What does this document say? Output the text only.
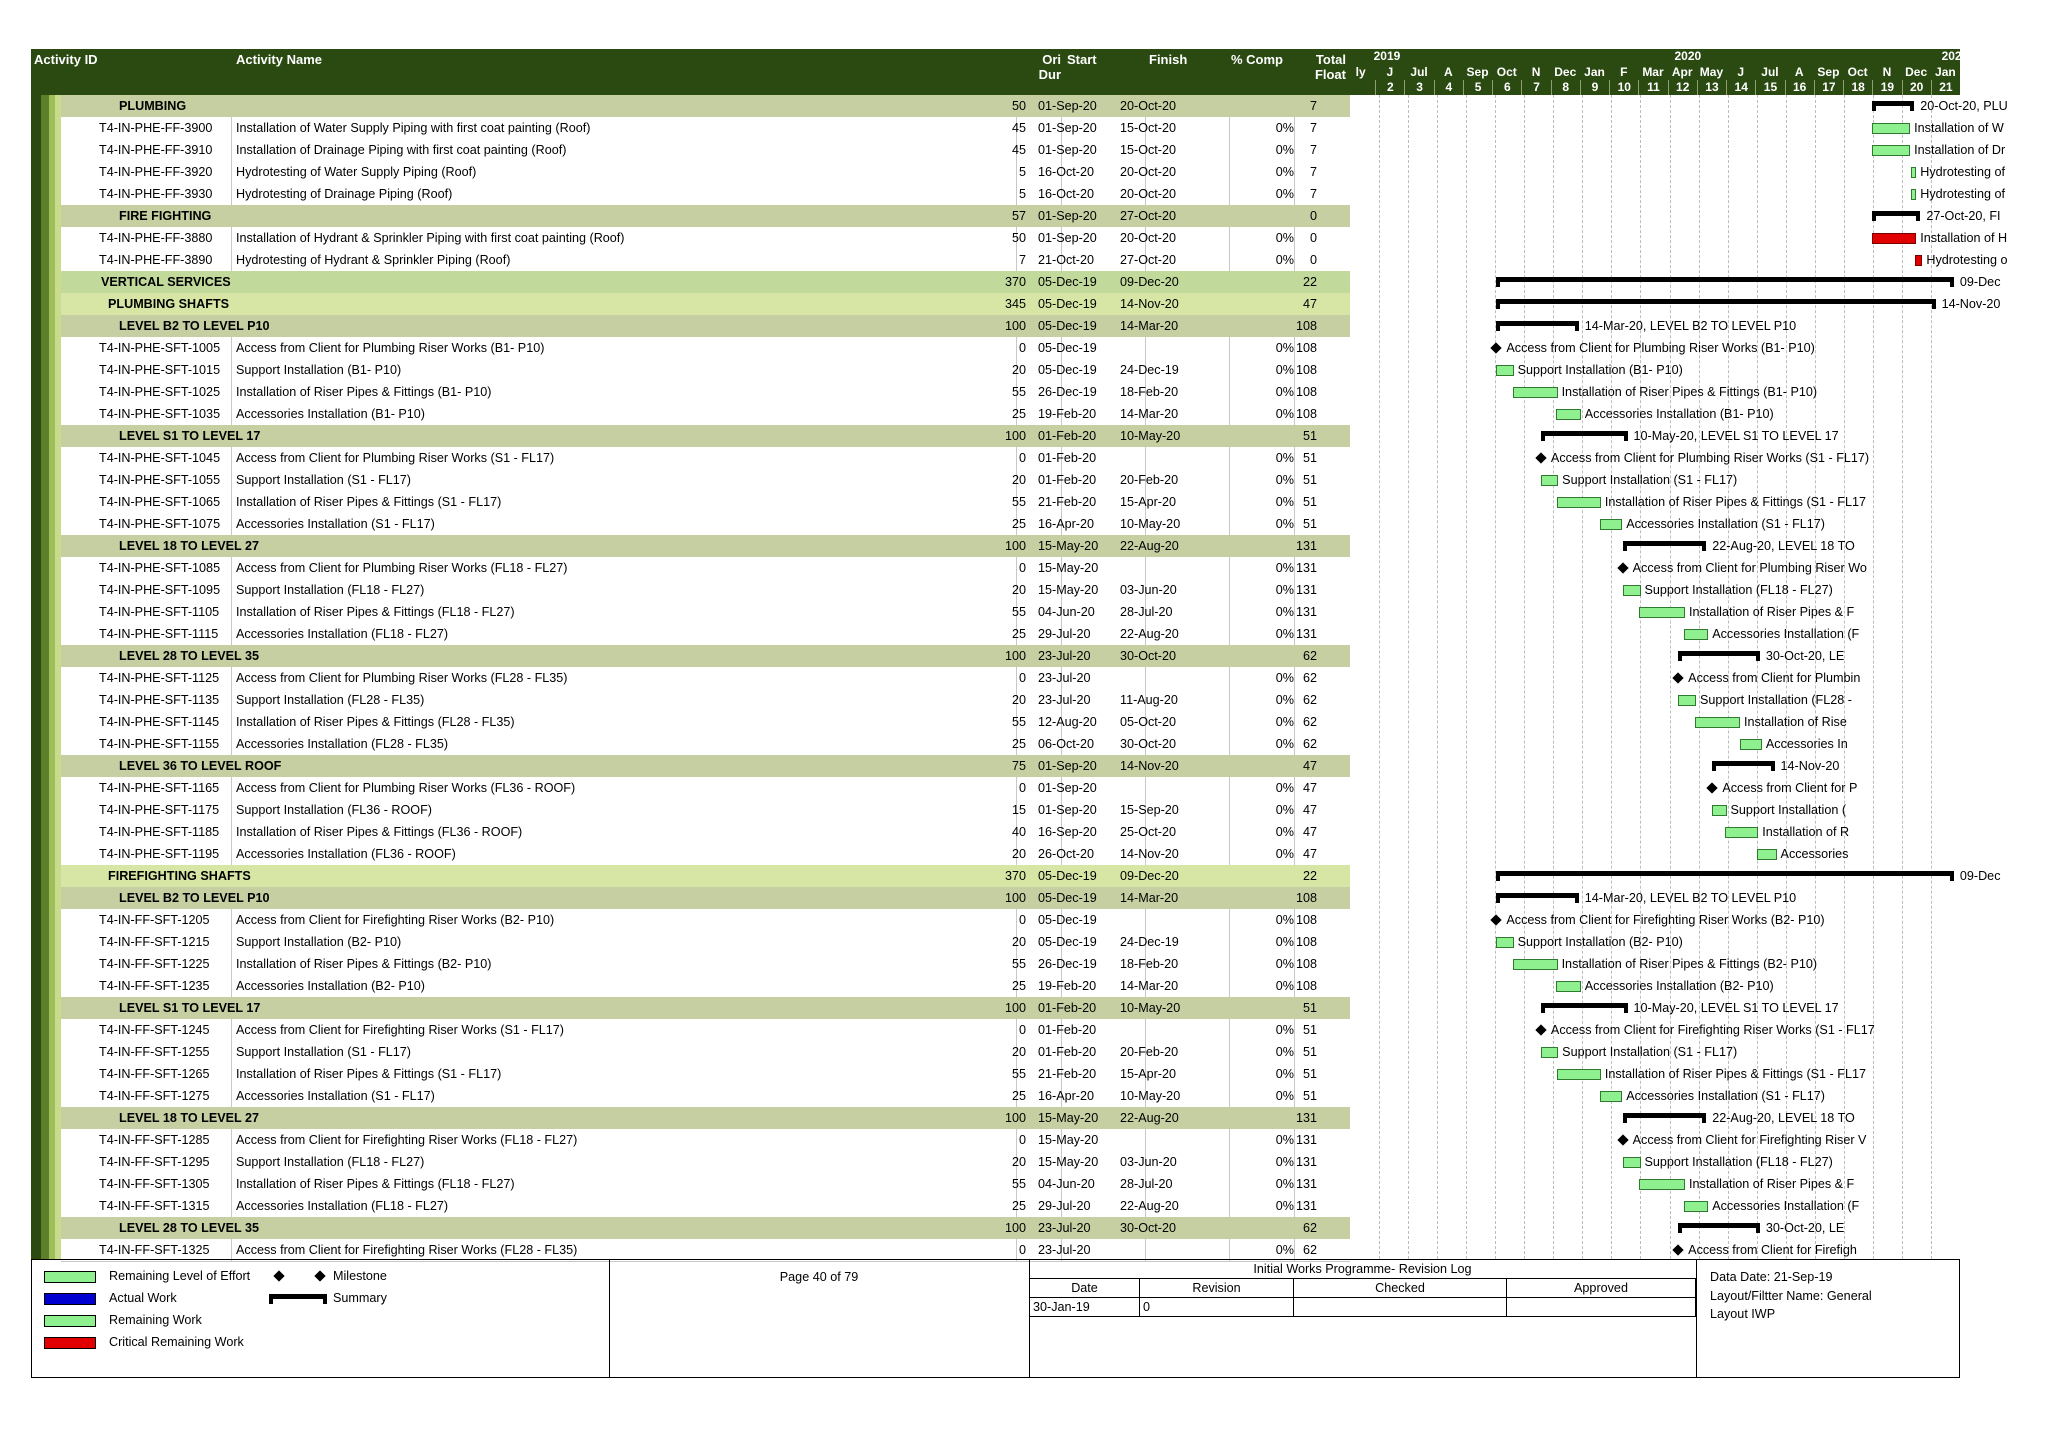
Activity ID	Activity Name	Ori
Dur
Start	Finish	% Comp	Total
Float
2019	2020	2021
ly	J	Jul	A	Sep Oct	N	Dec Jan	F	Mar Apr May	J	Jul	A	Sep Oct	N	Dec Jan
2	3	4	5	6	7	8	9	10	11	12	13	14	15	16	17	18	19	20	21
PLUMBING	50 01-Sep-20	20-Oct-20	7
T4-IN-PHE-FF-3900	Installation of Water Supply Piping with first coat painting (Roof)	45 01-Sep-20	15-Oct-20	0%	7
T4-IN-PHE-FF-3910	Installation of Drainage Piping with first coat painting (Roof)	45 01-Sep-20	15-Oct-20	0%	7
T4-IN-PHE-FF-3920	Hydrotesting of Water Supply Piping (Roof)	5 16-Oct-20	20-Oct-20	0%	7
T4-IN-PHE-FF-3930	Hydrotesting of Drainage Piping (Roof)	5 16-Oct-20	20-Oct-20	0%	7
FIRE FIGHTING	57 01-Sep-20	27-Oct-20	0
T4-IN-PHE-FF-3880	Installation of Hydrant & Sprinkler Piping with first coat painting (Roof)	50 01-Sep-20	20-Oct-20	0%	0
T4-IN-PHE-FF-3890	Hydrotesting of Hydrant & Sprinkler Piping (Roof)	7 21-Oct-20	27-Oct-20	0%	0
VERTICAL SERVICES	370 05-Dec-19	09-Dec-20	22
PLUMBING SHAFTS	345 05-Dec-19	14-Nov-20	47
LEVEL B2 TO LEVEL P10	100 05-Dec-19	14-Mar-20	108
T4-IN-PHE-SFT-1005	Access from Client for Plumbing Riser Works (B1- P10)	0 05-Dec-19	0% 108
T4-IN-PHE-SFT-1015	Support Installation (B1- P10)	20 05-Dec-19	24-Dec-19	0% 108
T4-IN-PHE-SFT-1025	Installation of Riser Pipes & Fittings (B1- P10)	55 26-Dec-19	18-Feb-20	0% 108
T4-IN-PHE-SFT-1035	Accessories Installation (B1- P10)	25 19-Feb-20	14-Mar-20	0% 108
LEVEL S1 TO LEVEL 17	100 01-Feb-20	10-May-20	51
T4-IN-PHE-SFT-1045	Access from Client for Plumbing Riser Works (S1 - FL17)	0 01-Feb-20	0% 51
T4-IN-PHE-SFT-1055	Support Installation (S1 - FL17)	20 01-Feb-20	20-Feb-20	0% 51
T4-IN-PHE-SFT-1065	Installation of Riser Pipes & Fittings (S1 - FL17)	55 21-Feb-20	15-Apr-20	0% 51
T4-IN-PHE-SFT-1075	Accessories Installation (S1 - FL17)	25 16-Apr-20	10-May-20	0% 51
LEVEL 18 TO LEVEL 27	100 15-May-20	22-Aug-20	131
T4-IN-PHE-SFT-1085	Access from Client for Plumbing Riser Works (FL18 - FL27)	0 15-May-20	0% 131
T4-IN-PHE-SFT-1095	Support Installation (FL18 - FL27)	20 15-May-20	03-Jun-20	0% 131
T4-IN-PHE-SFT-1105	Installation of Riser Pipes & Fittings (FL18 - FL27)	55 04-Jun-20	28-Jul-20	0% 131
T4-IN-PHE-SFT-1115	Accessories Installation (FL18 - FL27)	25 29-Jul-20	22-Aug-20	0% 131
LEVEL 28 TO LEVEL 35	100 23-Jul-20	30-Oct-20	62
T4-IN-PHE-SFT-1125	Access from Client for Plumbing Riser Works (FL28 - FL35)	0 23-Jul-20	0% 62
T4-IN-PHE-SFT-1135	Support Installation (FL28 - FL35)	20 23-Jul-20	11-Aug-20	0% 62
T4-IN-PHE-SFT-1145	Installation of Riser Pipes & Fittings (FL28 - FL35)	55 12-Aug-20	05-Oct-20	0% 62
T4-IN-PHE-SFT-1155	Accessories Installation (FL28 - FL35)	25 06-Oct-20	30-Oct-20	0% 62
LEVEL 36 TO LEVEL ROOF	75 01-Sep-20	14-Nov-20	47
T4-IN-PHE-SFT-1165	Access from Client for Plumbing Riser Works (FL36 - ROOF)	0 01-Sep-20	0% 47
T4-IN-PHE-SFT-1175	Support Installation (FL36 - ROOF)	15 01-Sep-20	15-Sep-20	0% 47
T4-IN-PHE-SFT-1185	Installation of Riser Pipes & Fittings (FL36 - ROOF)	40 16-Sep-20	25-Oct-20	0% 47
T4-IN-PHE-SFT-1195	Accessories Installation (FL36 - ROOF)	20 26-Oct-20	14-Nov-20	0% 47
FIREFIGHTING SHAFTS	370 05-Dec-19	09-Dec-20	22
LEVEL B2 TO LEVEL P10	100 05-Dec-19	14-Mar-20	108
T4-IN-FF-SFT-1205	Access from Client for Firefighting Riser Works (B2- P10)	0 05-Dec-19	0% 108
T4-IN-FF-SFT-1215	Support Installation (B2- P10)	20 05-Dec-19	24-Dec-19	0% 108
T4-IN-FF-SFT-1225	Installation of Riser Pipes & Fittings (B2- P10)	55 26-Dec-19	18-Feb-20	0% 108
T4-IN-FF-SFT-1235	Accessories Installation (B2- P10)	25 19-Feb-20	14-Mar-20	0% 108
LEVEL S1 TO LEVEL 17	100 01-Feb-20	10-May-20	51
T4-IN-FF-SFT-1245	Access from Client for Firefighting Riser Works (S1 - FL17)	0 01-Feb-20	0% 51
T4-IN-FF-SFT-1255	Support Installation (S1 - FL17)	20 01-Feb-20	20-Feb-20	0% 51
T4-IN-FF-SFT-1265	Installation of Riser Pipes & Fittings (S1 - FL17)	55 21-Feb-20	15-Apr-20	0% 51
T4-IN-FF-SFT-1275	Accessories Installation (S1 - FL17)	25 16-Apr-20	10-May-20	0% 51
LEVEL 18 TO LEVEL 27	100 15-May-20	22-Aug-20	131
T4-IN-FF-SFT-1285	Access from Client for Firefighting Riser Works (FL18 - FL27)	0 15-May-20	0% 131
T4-IN-FF-SFT-1295	Support Installation (FL18 - FL27)	20 15-May-20	03-Jun-20	0% 131
T4-IN-FF-SFT-1305	Installation of Riser Pipes & Fittings (FL18 - FL27)	55 04-Jun-20	28-Jul-20	0% 131
T4-IN-FF-SFT-1315	Accessories Installation (FL18 - FL27)	25 29-Jul-20	22-Aug-20	0% 131
LEVEL 28 TO LEVEL 35	100 23-Jul-20	30-Oct-20	62
T4-IN-FF-SFT-1325	Access from Client for Firefighting Riser Works (FL28 - FL35)	0 23-Jul-20	0% 62
20-Oct-20, PLU
Installation of W
Installation of Dr
Hydrotesting of
Hydrotesting of
27-Oct-20, FI
Installation of H
Hydrotesting o
09-Dec
14-Nov-20
14-Mar-20, LEVEL B2 TO LEVEL P10
Access from Client for Plumbing Riser Works (B1- P10)
Support Installation (B1- P10)
Installation of Riser Pipes & Fittings (B1- P10)
Accessories Installation (B1- P10)
10-May-20, LEVEL S1 TO LEVEL 17
Access from Client for Plumbing Riser Works (S1 - FL17)
Support Installation (S1 - FL17)
Installation of Riser Pipes & Fittings (S1 - FL17
Accessories Installation (S1 - FL17)
22-Aug-20, LEVEL 18 TO
Access from Client for Plumbing Riser Wo
Support Installation (FL18 - FL27)
Installation of Riser Pipes & F
Accessories Installation (F
30-Oct-20, LE
Access from Client for Plumbin
Support Installation (FL28 -
Installation of Rise
Accessories In
14-Nov-20
Access from Client for P
Support Installation (
Installation of R
Accessories
09-Dec
14-Mar-20, LEVEL B2 TO LEVEL P10
Access from Client for Firefighting Riser Works (B2- P10)
Support Installation (B2- P10)
Installation of Riser Pipes & Fittings (B2- P10)
Accessories Installation (B2- P10)
10-May-20, LEVEL S1 TO LEVEL 17
Access from Client for Firefighting Riser Works (S1 - FL17
Support Installation (S1 - FL17)
Installation of Riser Pipes & Fittings (S1 - FL17
Accessories Installation (S1 - FL17)
22-Aug-20, LEVEL 18 TO
Access from Client for Firefighting Riser V
Support Installation (FL18 - FL27)
Installation of Riser Pipes & F
Accessories Installation (F
30-Oct-20, LE
Access from Client for Firefigh
Remaining Level of Effort	Milestone
Actual Work	Summary
Remaining Work
Critical Remaining Work
Page 40 of 79
Initial Works Programme- Revision Log
Date	Revision	Checked	Approved
30-Jan-19	0
Data Date: 21-Sep-19
Layout/Filtter Name: General
Layout IWP
